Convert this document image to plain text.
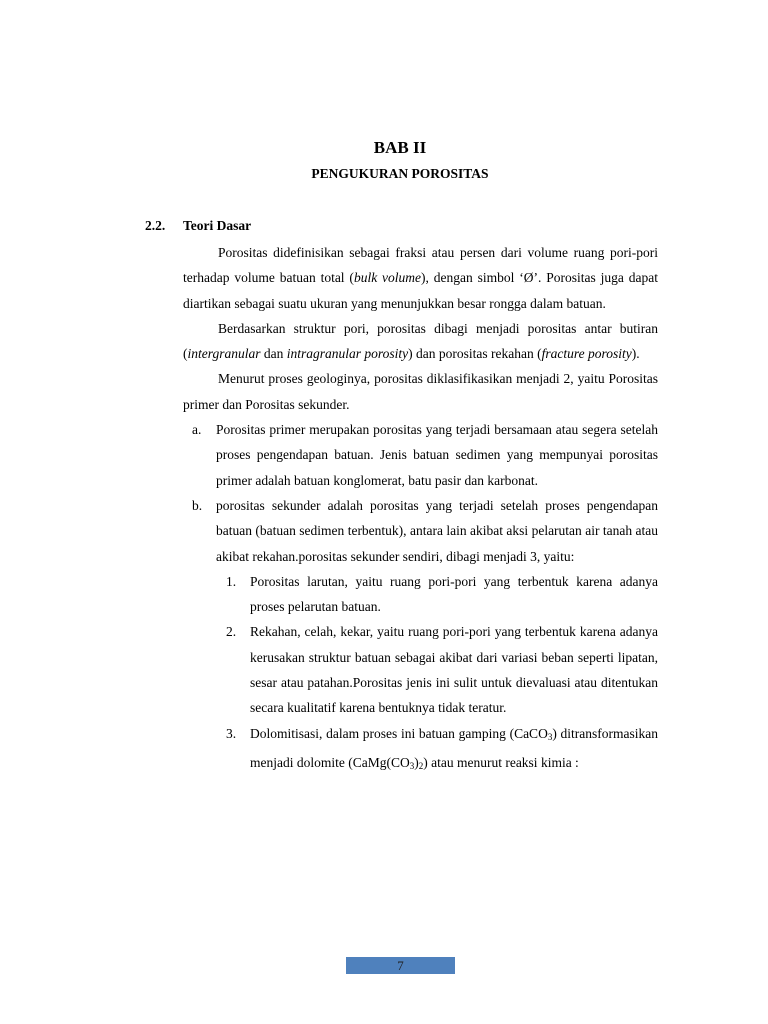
BAB II
PENGUKURAN POROSITAS
2.2. Teori Dasar

Porositas didefinisikan sebagai fraksi atau persen dari volume ruang pori-pori terhadap volume batuan total (bulk volume), dengan simbol ‘Ø’. Porositas juga dapat diartikan sebagai suatu ukuran yang menunjukkan besar rongga dalam batuan.

Berdasarkan struktur pori, porositas dibagi menjadi porositas antar butiran (intergranular dan intragranular porosity) dan porositas rekahan (fracture porosity).

Menurut proses geologinya, porositas diklasifikasikan menjadi 2, yaitu Porositas primer dan Porositas sekunder.

a. Porositas primer merupakan porositas yang terjadi bersamaan atau segera setelah proses pengendapan batuan. Jenis batuan sedimen yang mempunyai porositas primer adalah batuan konglomerat, batu pasir dan karbonat.
b. porositas sekunder adalah porositas yang terjadi setelah proses pengendapan batuan (batuan sedimen terbentuk), antara lain akibat aksi pelarutan air tanah atau akibat rekahan.porositas sekunder sendiri, dibagi menjadi 3, yaitu:
1. Porositas larutan, yaitu ruang pori-pori yang terbentuk karena adanya proses pelarutan batuan.
2. Rekahan, celah, kekar, yaitu ruang pori-pori yang terbentuk karena adanya kerusakan struktur batuan sebagai akibat dari variasi beban seperti lipatan, sesar atau patahan.Porositas jenis ini sulit untuk dievaluasi atau ditentukan secara kualitatif karena bentuknya tidak teratur.
3. Dolomitisasi, dalam proses ini batuan gamping (CaCO$_3$) ditransformasikan menjadi dolomite $(CaMg(CO_3)_2)$ atau menurut reaksi kimia :
7
